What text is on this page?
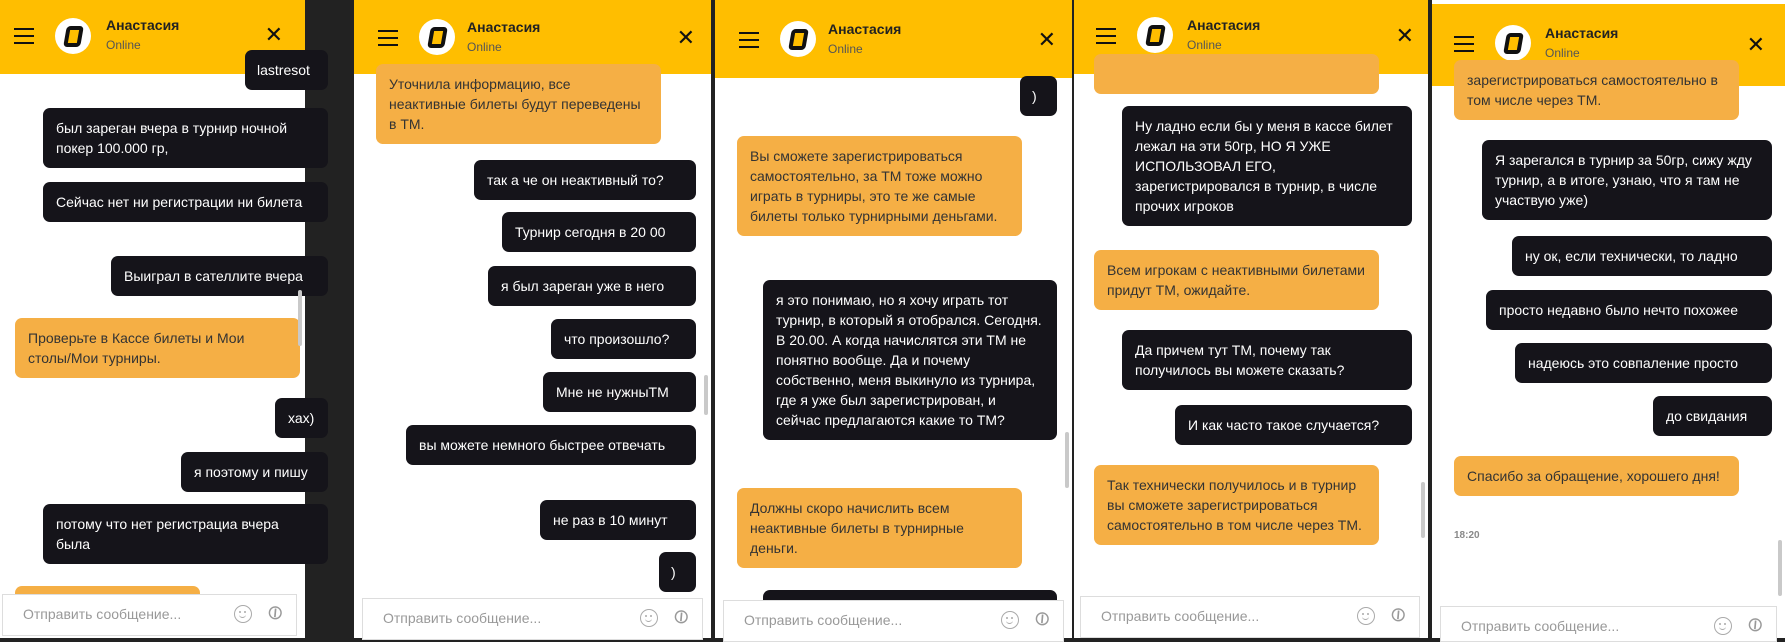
Анастасия
Online	✕
lastresot
был зареган вчера в турнир ночной покер 100.000 гр,
Сейчас нет ни регистрации ни билета
Выиграл в сателлите вчера
Проверьте в Кассе билеты и Мои столы/Мои турниры.
хах)
я поэтому и пишу
потому что нет регистрациа вчера была
Отправить сообщение...	⊘
Анастасия
Online	✕
Уточнила информацию, все неактивные билеты будут переведены в ТМ.
так а че он неактивный то?
Турнир сегодня в 20 00
я был зареган уже в него
что произошло?
Мне не нужныТМ
вы можете немного быстрее отвечать
не раз в 10 минут
)
Отправить сообщение...	⊘
Анастасия
Online	✕
)
Вы сможете зарегистрироваться самостоятельно, за ТМ тоже можно играть в турниры, это те же самые билеты только турнирными деньгами.
я это понимаю, но я хочу играть тот турнир, в который я отобрался. Сегодня. В 20.00. А когда начислятся эти ТМ не понятно вообще. Да и почему собственно, меня выкинуло из турнира, где я уже был зарегистрирован, и сейчас предлагаются какие то ТМ?
Должны скоро начислить всем неактивные билеты в турнирные деньги.
Отправить сообщение...	⊘
Анастасия
Online	✕
Ну ладно если бы у меня в кассе билет лежал на эти 50гр, НО Я УЖЕ ИСПОЛЬЗОВАЛ ЕГО, зарегистрировался в турнир, в числе прочих игроков
Всем игрокам с неактивными билетами придут ТМ, ожидайте.
Да причем тут ТМ, почему так получилось вы можете сказать?
И как часто такое случается?
Так технически получилось и в турнир вы сможете зарегистрироваться самостоятельно в том числе через ТМ.
Отправить сообщение...	⊘
Анастасия
Online	✕
зарегистрироваться самостоятельно в том числе через ТМ.
Я зарегался в турнир за 50гр, сижу жду турнир, а в итоге, узнаю, что я там не участвую уже)
ну ок, если технически, то ладно
просто недавно было нечто похожее
надеюсь это совпаление просто
до свидания
Спасибо за обращение, хорошего дня!
18:20
Отправить сообщение...	⊘
